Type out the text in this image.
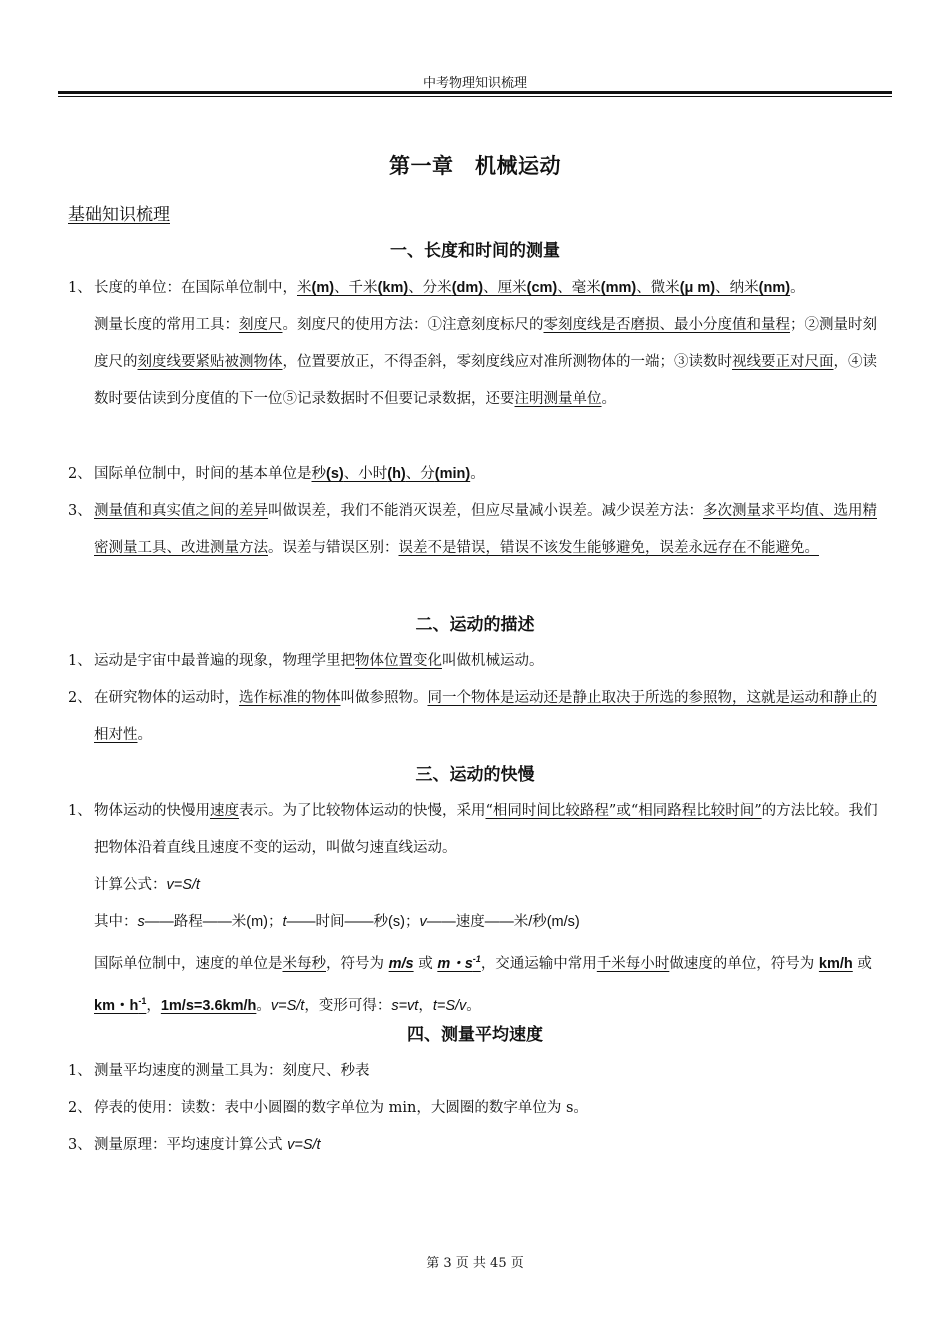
中考物理知识梳理
第一章　机械运动
基础知识梳理
一、长度和时间的测量
1、 长度的单位：在国际单位制中，米(m)、千米(km)、分米(dm)、厘米(cm)、毫米(mm)、微米(μ m)、纳米(nm)。
测量长度的常用工具：刻度尺。刻度尺的使用方法：①注意刻度标尺的零刻度线是否磨损、最小分度值和量程；②测量时刻度尺的刻度线要紧贴被测物体，位置要放正，不得歪斜，零刻度线应对准所测物体的一端；③读数时视线要正对尺面，④读数时要估读到分度值的下一位⑤记录数据时不但要记录数据，还要注明测量单位。
2、 国际单位制中，时间的基本单位是秒(s)、小时(h)、分(min)。
3、 测量值和真实值之间的差异叫做误差，我们不能消灭误差，但应尽量减小误差。减少误差方法：多次测量求平均值、选用精密测量工具、改进测量方法。误差与错误区别：误差不是错误，错误不该发生能够避免，误差永远存在不能避免。
二、运动的描述
1、 运动是宇宙中最普遍的现象，物理学里把物体位置变化叫做机械运动。
2、 在研究物体的运动时，选作标准的物体叫做参照物。同一个物体是运动还是静止取决于所选的参照物，这就是运动和静止的相对性。
三、运动的快慢
1、 物体运动的快慢用速度表示。为了比较物体运动的快慢，采用“相同时间比较路程”或“相同路程比较时间”的方法比较。我们把物体沿着直线且速度不变的运动，叫做匀速直线运动。
计算公式：v=S/t
其中：s——路程——米(m)；t——时间——秒(s)；v——速度——米/秒(m/s)
国际单位制中，速度的单位是米每秒，符号为 m/s 或 m・$s^{-1}$，交通运输中常用千米每小时做速度的单位，符号为 km/h 或 km・$h^{-1}$，1m/s=3.6km/h。v=S/t，变形可得：s=vt，t=S/v。
四、测量平均速度
1、 测量平均速度的测量工具为：刻度尺、秒表
2、 停表的使用：读数：表中小圆圈的数字单位为 min，大圆圈的数字单位为 s。
3、 测量原理：平均速度计算公式 v=S/t
第 3 页 共 45 页
